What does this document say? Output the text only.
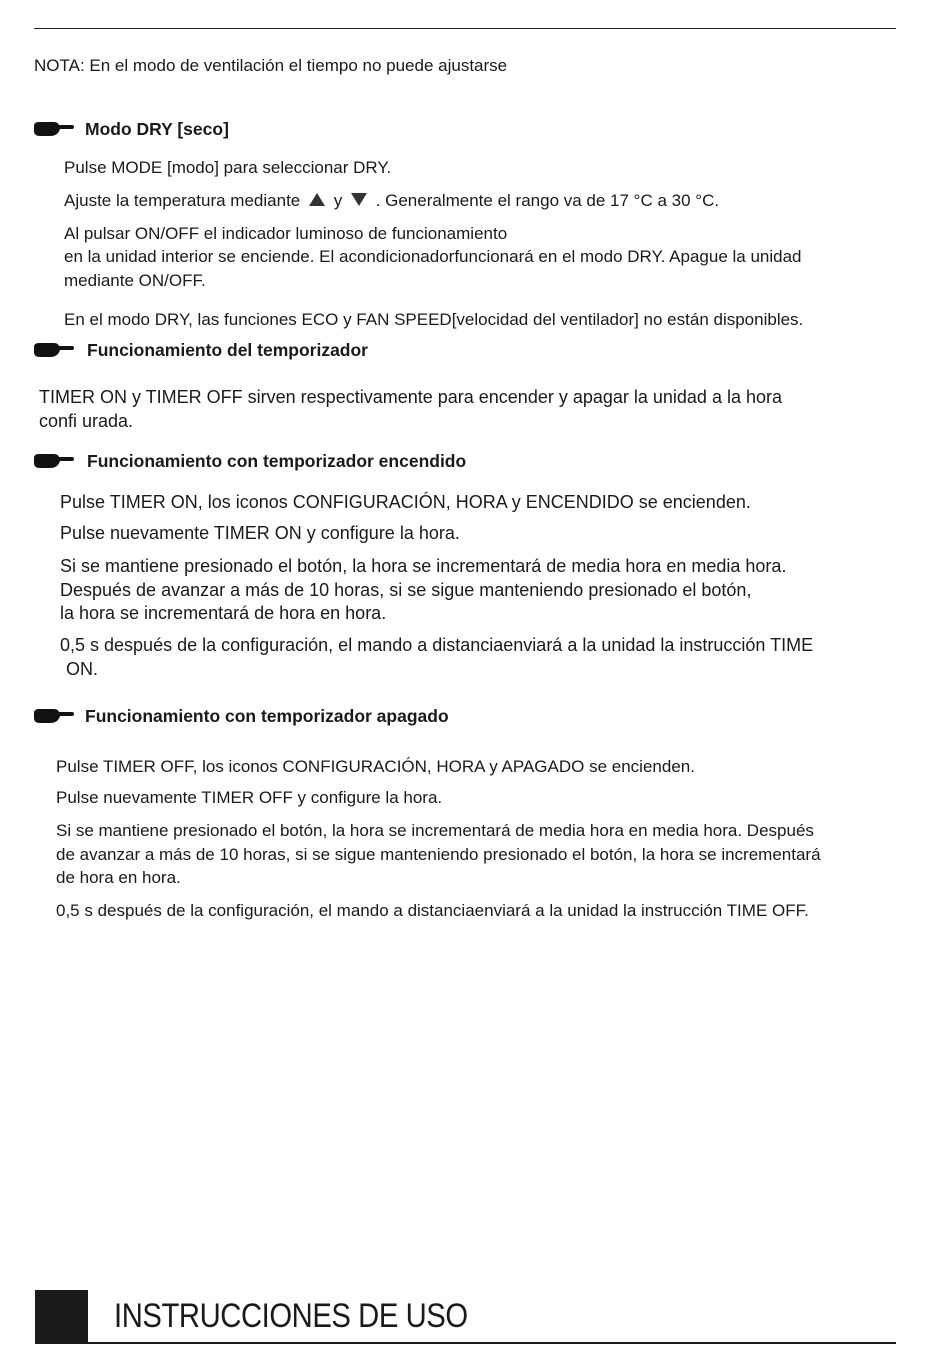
NOTA: En el modo de ventilación el tiempo no puede ajustarse

Modo DRY [seco]

Pulse MODE [modo] para seleccionar DRY.

Ajuste la temperatura mediante y . Generalmente el rango va de 17 °C a 30 °C.

Al pulsar ON/OFF el indicador luminoso de funcionamiento

en la unidad interior se enciende. El acondicionadorfuncionará en el modo DRY. Apague la unidad

mediante ON/OFF.

En el modo DRY, las funciones ECO y FAN SPEED[velocidad del ventilador] no están disponibles.

Funcionamiento del temporizador

TIMER ON y TIMER OFF sirven respectivamente para encender y apagar la unidad a la hora

confi urada.

Funcionamiento con temporizador encendido

Pulse TIMER ON, los iconos CONFIGURACIÓN, HORA y ENCENDIDO se encienden.

Pulse nuevamente TIMER ON y configure la hora.

Si se mantiene presionado el botón, la hora se incrementará de media hora en media hora.

Después de avanzar a más de 10 horas, si se sigue manteniendo presionado el botón,

la hora se incrementará de hora en hora.

0,5 s después de la configuración, el mando a distanciaenviará a la unidad la instrucción TIME

ON.

Funcionamiento con temporizador apagado

Pulse TIMER OFF, los iconos CONFIGURACIÓN, HORA y APAGADO se encienden.

Pulse nuevamente TIMER OFF y configure la hora.

Si se mantiene presionado el botón, la hora se incrementará de media hora en media hora. Después

de avanzar a más de 10 horas, si se sigue manteniendo presionado el botón, la hora se incrementará

de hora en hora.

0,5 s después de la configuración, el mando a distanciaenviará a la unidad la instrucción TIME OFF.

INSTRUCCIONES DE USO
